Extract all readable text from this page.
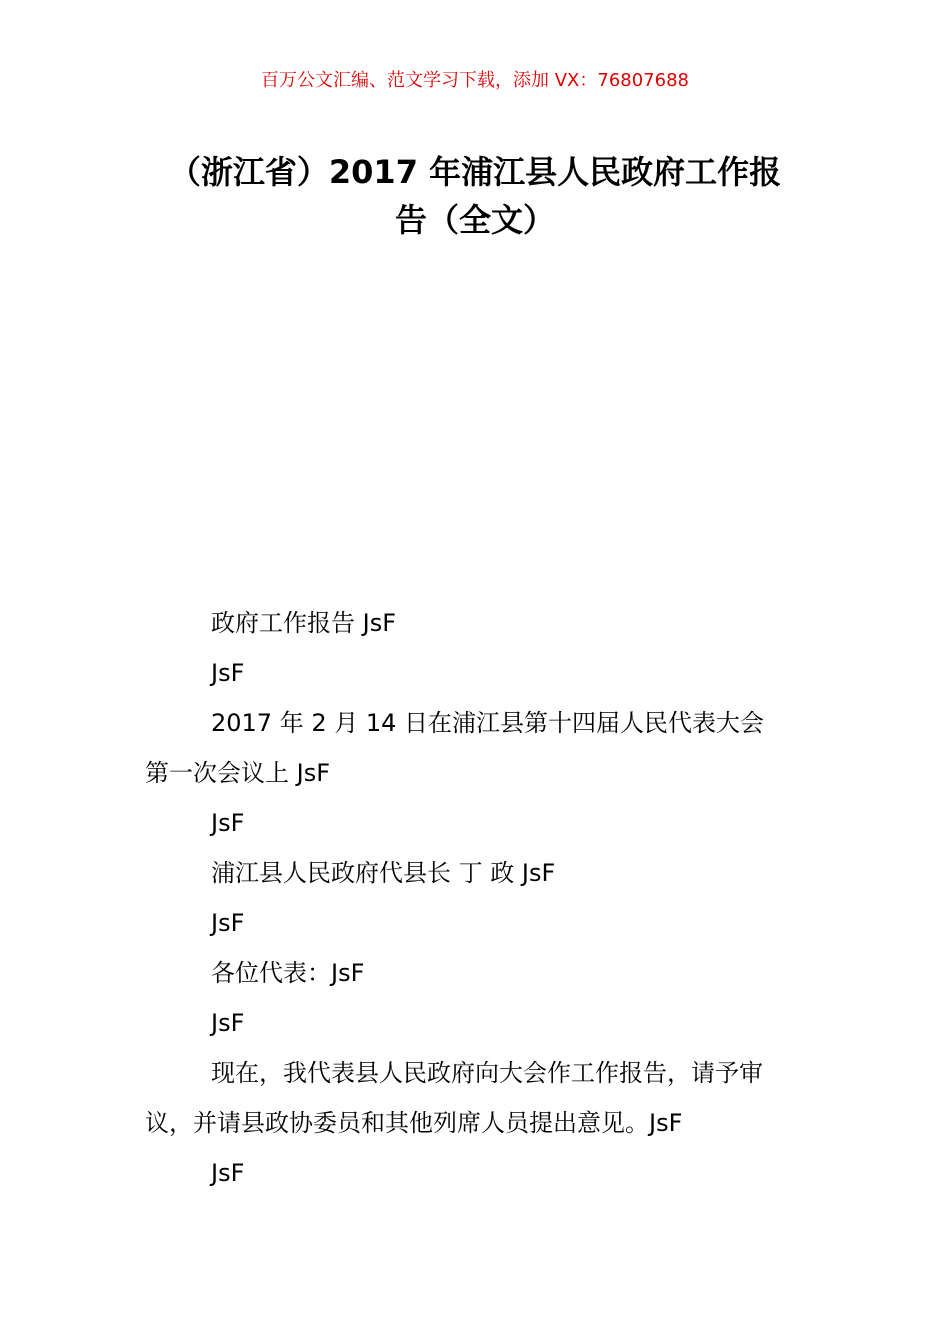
百万公文汇编、范文学习下载，添加 VX：76807688
（浙江省）2017 年浦江县人民政府工作报
告（全文）

政府工作报告 JsF

JsF

2017 年 2 月 14 日在浦江县第十四届人民代表大会
第一次会议上 JsF

JsF

浦江县人民政府代县长 丁 政 JsF

JsF

各位代表：JsF

JsF

现在，我代表县人民政府向大会作工作报告，请予审
议，并请县政协委员和其他列席人员提出意见。JsF

JsF
